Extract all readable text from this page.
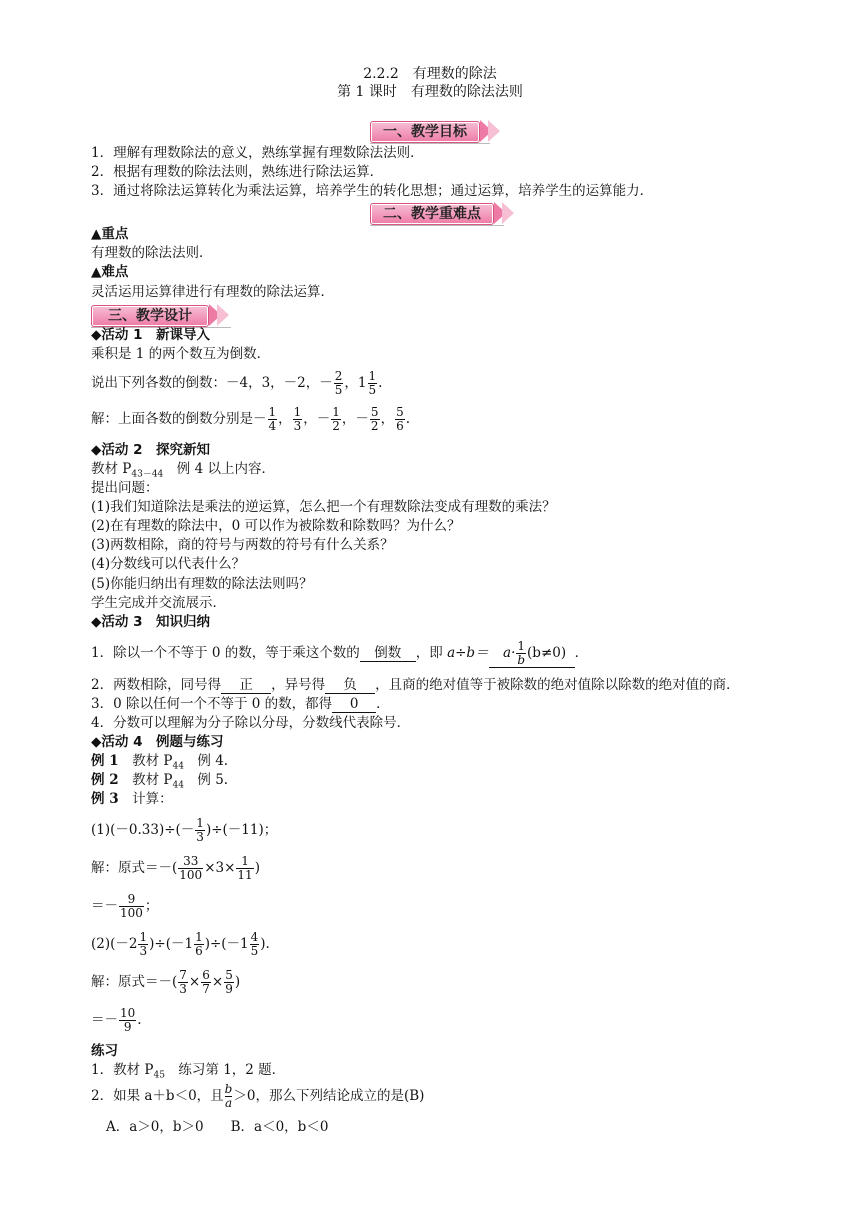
2.2.2　有理数的除法
第 1 课时　有理数的除法法则
一、教学目标
1．理解有理数除法的意义，熟练掌握有理数除法法则．
2．根据有理数的除法法则，熟练进行除法运算．
3．通过将除法运算转化为乘法运算，培养学生的转化思想；通过运算，培养学生的运算能力．
二、教学重难点
▲重点
有理数的除法法则．
▲难点
灵活运用运算律进行有理数的除法运算．
三、教学设计
◆活动 1　新课导入
乘积是 1 的两个数互为倒数．
说出下列各数的倒数：－4，3，－2，－ $\frac{2}{5}$ ，$1 \frac{1}{5}$ .
解：上面各数的倒数分别是－ $\frac{1}{4}$ ， $\frac{1}{3}$ ，－ $\frac{1}{2}$ ，－ $\frac{5}{2}$ ， $\frac{5}{6}$ .
◆活动 2　探究新知
教材 $P_{43-44}$　例 4 以上内容．
提出问题：
(1)我们知道除法是乘法的逆运算，怎么把一个有理数除法变成有理数的乘法？
(2)在有理数的除法中，0 可以作为被除数和除数吗？为什么？
(3)两数相除，商的符号与两数的符号有什么关系？
(4)分数线可以代表什么？
(5)你能归纳出有理数的除法法则吗？
学生完成并交流展示．
◆活动 3　知识归纳
1．除以一个不等于 0 的数，等于乘这个数的 倒数 ，即 $a\div b= a\cdot \frac{1}{b}(b\ne 0)$ ．
2．两数相除，同号得 正 ，异号得 负 ，且商的绝对值等于被除数的绝对值除以除数的绝对值的商．
3．0 除以任何一个不等于 0 的数，都得 0 ．
4．分数可以理解为分子除以分母，分数线代表除号．
◆活动 4　例题与练习
例 1　教材 $P_{44}$　例 4.
例 2　教材 $P_{44}$　例 5.
例 3　计算：
$(1)(-0.33)\div(- \frac{1}{3} )\div(-11)$；
解：原式＝－( $\frac{33}{100} \times 3\times \frac{1}{11}$ )
＝－ $\frac{9}{100}$ ；
$(2)(-2 \frac{1}{3} )\div(-1 \frac{1}{6} )\div(-1 \frac{4}{5}$ ).
解：原式＝－( $\frac{7}{3} \times \frac{6}{7} \times \frac{5}{9}$ )
＝－ $\frac{10}{9}$ .
练习
1．教材 $P_{45}$　练习第 1，2 题．
2．如果 a＋b＜0，且 $\frac{b}{a} >0$，那么下列结论成立的是(B)
A．a＞0，b＞0　　B．a＜0，b＜0
